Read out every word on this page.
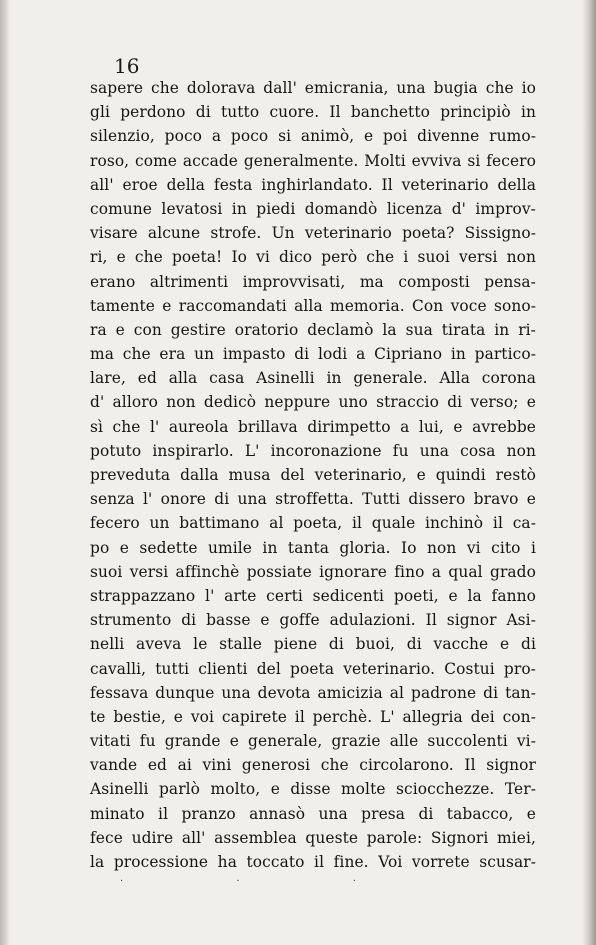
16
sapere che dolorava dall' emicrania, una bugia che io
gli perdono di tutto cuore. Il banchetto principiò in
silenzio, poco a poco si animò, e poi divenne rumo-
roso, come accade generalmente. Molti evviva si fecero
all' eroe della festa inghirlandato. Il veterinario della
comune levatosi in piedi domandò licenza d' improv-
visare alcune strofe. Un veterinario poeta? Sissigno-
ri, e che poeta! Io vi dico però che i suoi versi non
erano altrimenti improvvisati, ma composti pensa-
tamente e raccomandati alla memoria. Con voce sono-
ra e con gestire oratorio declamò la sua tirata in ri-
ma che era un impasto di lodi a Cipriano in partico-
lare, ed alla casa Asinelli in generale. Alla corona
d' alloro non dedicò neppure uno straccio di verso; e
sì che l' aureola brillava dirimpetto a lui, e avrebbe
potuto inspirarlo. L' incoronazione fu una cosa non
preveduta dalla musa del veterinario, e quindi restò
senza l' onore di una stroffetta. Tutti dissero bravo e
fecero un battimano al poeta, il quale inchinò il ca-
po e sedette umile in tanta gloria. Io non vi cito i
suoi versi affinchè possiate ignorare fino a qual grado
strappazzano l' arte certi sedicenti poeti, e la fanno
strumento di basse e goffe adulazioni. Il signor Asi-
nelli aveva le stalle piene di buoi, di vacche e di
cavalli, tutti clienti del poeta veterinario. Costui pro-
fessava dunque una devota amicizia al padrone di tan-
te bestie, e voi capirete il perchè. L' allegria dei con-
vitati fu grande e generale, grazie alle succolenti vi-
vande ed ai vini generosi che circolarono. Il signor
Asinelli parlò molto, e disse molte sciocchezze. Ter-
minato il pranzo annasò una presa di tabacco, e
fece udire all' assemblea queste parole: Signori miei,
la processione ha toccato il fine. Voi vorrete scusar-
· · ·
